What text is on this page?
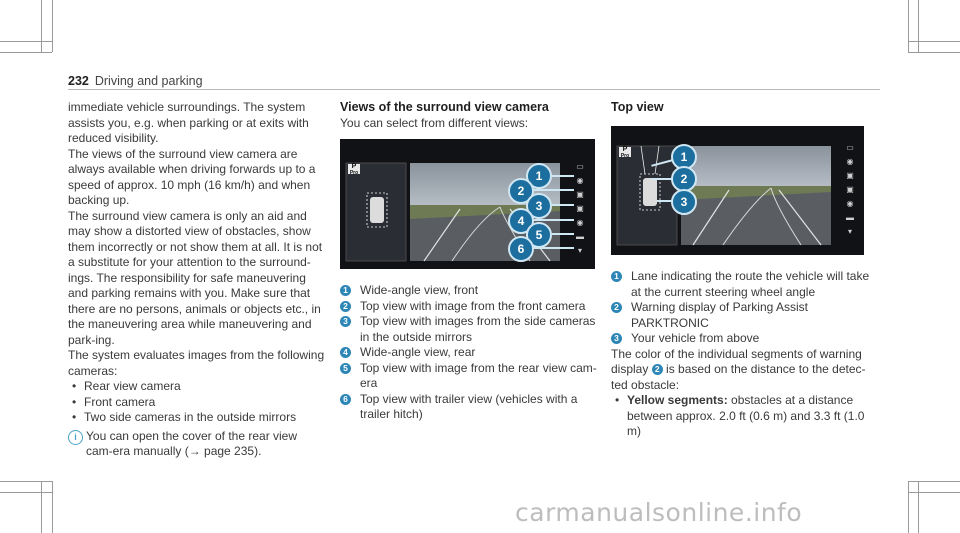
232 Driving and parking

immediate vehicle surroundings. The system assists you, e.g. when parking or at exits with reduced visibility.

The views of the surround view camera are always available when driving forwards up to a speed of approx. 10 mph (16 km/h) and when backing up.

The surround view camera is only an aid and may show a distorted view of obstacles, show them incorrectly or not show them at all. It is not a substitute for your attention to the surround-ings. The responsibility for safe maneuvering and parking remains with you. Make sure that there are no persons, animals or objects etc., in the maneuvering area while maneuvering and park-ing.

The system evaluates images from the following cameras:

• Rear view camera
• Front camera
• Two side cameras in the outside mirrors
i You can open the cover of the rear view cam-era manually (→ page 235).

Views of the surround view camera

You can select from different views:

P
Pro
▭
◉
▣
▣
◉
▬
▾
1
2
3
4
5
6
1 Wide-angle view, front
2 Top view with image from the front camera
3 Top view with images from the side cameras in the outside mirrors
4 Wide-angle view, rear
5 Top view with image from the rear view cam-era
6 Top view with trailer view (vehicles with a trailer hitch)

Top view

P
Pro
▭
◉
▣
▣
◉
▬
▾
1
2
3
1 Lane indicating the route the vehicle will take at the current steering wheel angle
2 Warning display of Parking Assist PARKTRONIC
3 Your vehicle from above

The color of the individual segments of warning display 2 is based on the distance to the detec-ted obstacle:

• Yellow segments: obstacles at a distance between approx. 2.0 ft (0.6 m) and 3.3 ft (1.0 m)
carmanualsonline.info
